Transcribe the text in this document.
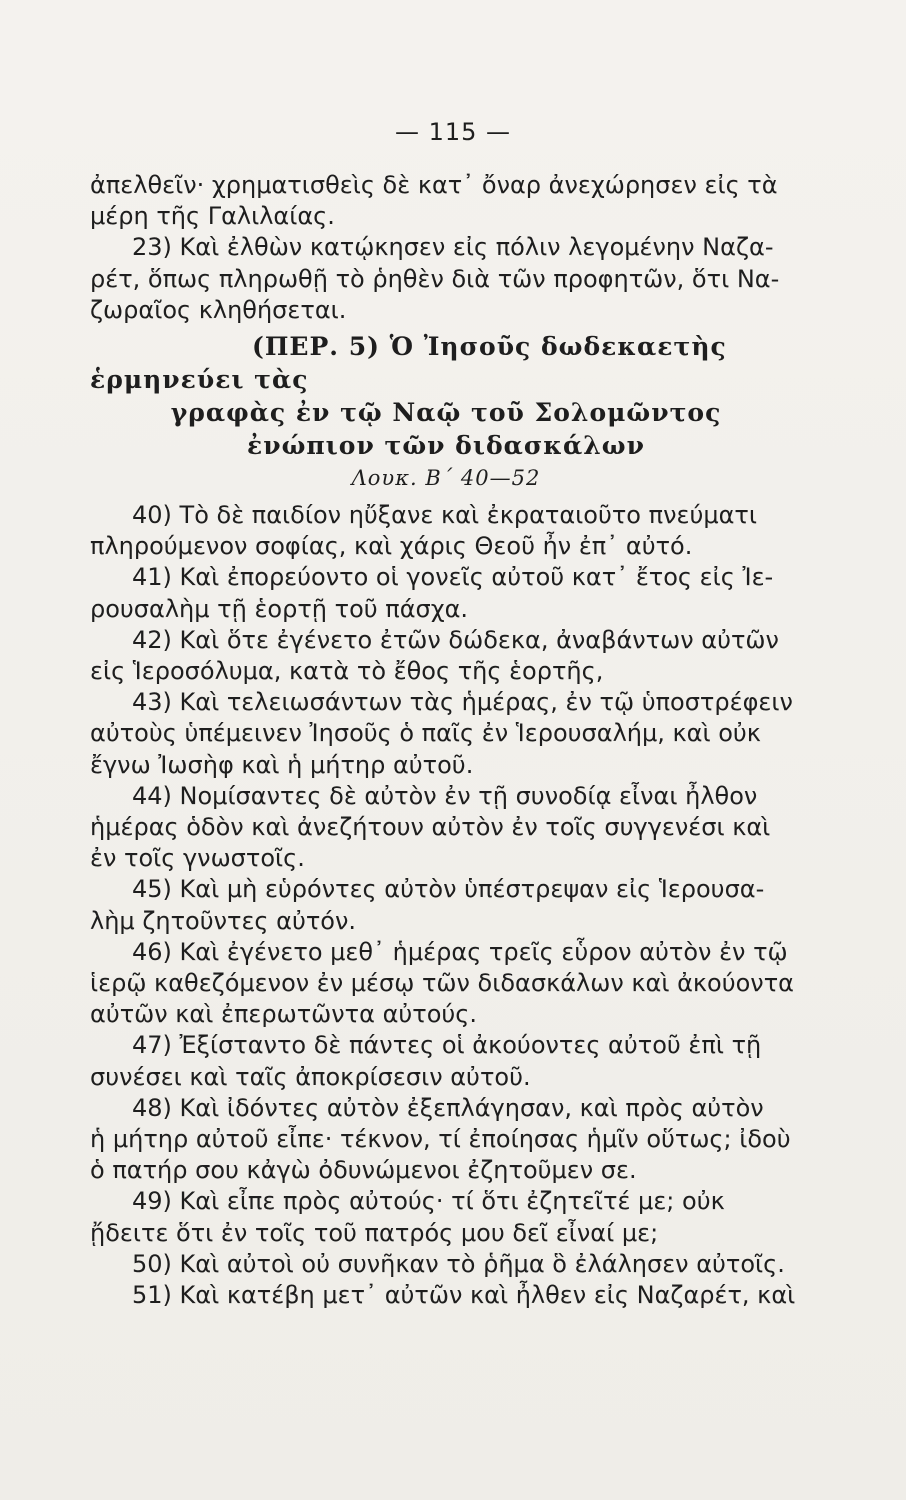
— 115 —
ἀπελθεῖν· χρηματισθεὶς δὲ κατ᾽ ὄναρ ἀνεχώρησεν εἰς τὰ
μέρη τῆς Γαλιλαίας.
23) Καὶ ἐλθὼν κατῴκησεν εἰς πόλιν λεγομένην Ναζα-
ρέτ, ὅπως πληρωθῇ τὸ ῥηθὲν διὰ τῶν προφητῶν, ὅτι Να-
ζωραῖος κληθήσεται.
(ΠΕΡ. 5) Ὁ Ἰησοῦς δωδεκαετὴς ἑρμηνεύει τὰς
γραφὰς ἐν τῷ Ναῷ τοῦ Σολομῶντος
ἐνώπιον τῶν διδασκάλων
Λουκ. Β΄ 40—52
40) Τὸ δὲ παιδίον ηὔξανε καὶ ἐκραταιοῦτο πνεύματι
πληρούμενον σοφίας, καὶ χάρις Θεοῦ ἦν ἐπ᾽ αὐτό.
41) Καὶ ἐπορεύοντο οἱ γονεῖς αὐτοῦ κατ᾽ ἔτος εἰς Ἰε-
ρουσαλὴμ τῇ ἑορτῇ τοῦ πάσχα.
42) Καὶ ὅτε ἐγένετο ἐτῶν δώδεκα, ἀναβάντων αὐτῶν
εἰς Ἱεροσόλυμα, κατὰ τὸ ἔθος τῆς ἑορτῆς,
43) Καὶ τελειωσάντων τὰς ἡμέρας, ἐν τῷ ὑποστρέφειν
αὐτοὺς ὑπέμεινεν Ἰησοῦς ὁ παῖς ἐν Ἱερουσαλήμ, καὶ οὐκ
ἔγνω Ἰωσὴφ καὶ ἡ μήτηρ αὐτοῦ.
44) Νομίσαντες δὲ αὐτὸν ἐν τῇ συνοδίᾳ εἶναι ἦλθον
ἡμέρας ὁδὸν καὶ ἀνεζήτουν αὐτὸν ἐν τοῖς συγγενέσι καὶ
ἐν τοῖς γνωστοῖς.
45) Καὶ μὴ εὑρόντες αὐτὸν ὑπέστρεψαν εἰς Ἱερουσα-
λὴμ ζητοῦντες αὐτόν.
46) Καὶ ἐγένετο μεθ᾽ ἡμέρας τρεῖς εὗρον αὐτὸν ἐν τῷ
ἱερῷ καθεζόμενον ἐν μέσῳ τῶν διδασκάλων καὶ ἀκούοντα
αὐτῶν καὶ ἐπερωτῶντα αὐτούς.
47) Ἐξίσταντο δὲ πάντες οἱ ἀκούοντες αὐτοῦ ἐπὶ τῇ
συνέσει καὶ ταῖς ἀποκρίσεσιν αὐτοῦ.
48) Καὶ ἰδόντες αὐτὸν ἐξεπλάγησαν, καὶ πρὸς αὐτὸν
ἡ μήτηρ αὐτοῦ εἶπε· τέκνον, τί ἐποίησας ἡμῖν οὕτως; ἰδοὺ
ὁ πατήρ σου κἀγὼ ὀδυνώμενοι ἐζητοῦμεν σε.
49) Καὶ εἶπε πρὸς αὐτούς· τί ὅτι ἐζητεῖτέ με; οὐκ
ᾔδειτε ὅτι ἐν τοῖς τοῦ πατρός μου δεῖ εἶναί με;
50) Καὶ αὐτοὶ οὐ συνῆκαν τὸ ῥῆμα ὃ ἐλάλησεν αὐτοῖς.
51) Καὶ κατέβη μετ᾽ αὐτῶν καὶ ἦλθεν εἰς Ναζαρέτ, καὶ
